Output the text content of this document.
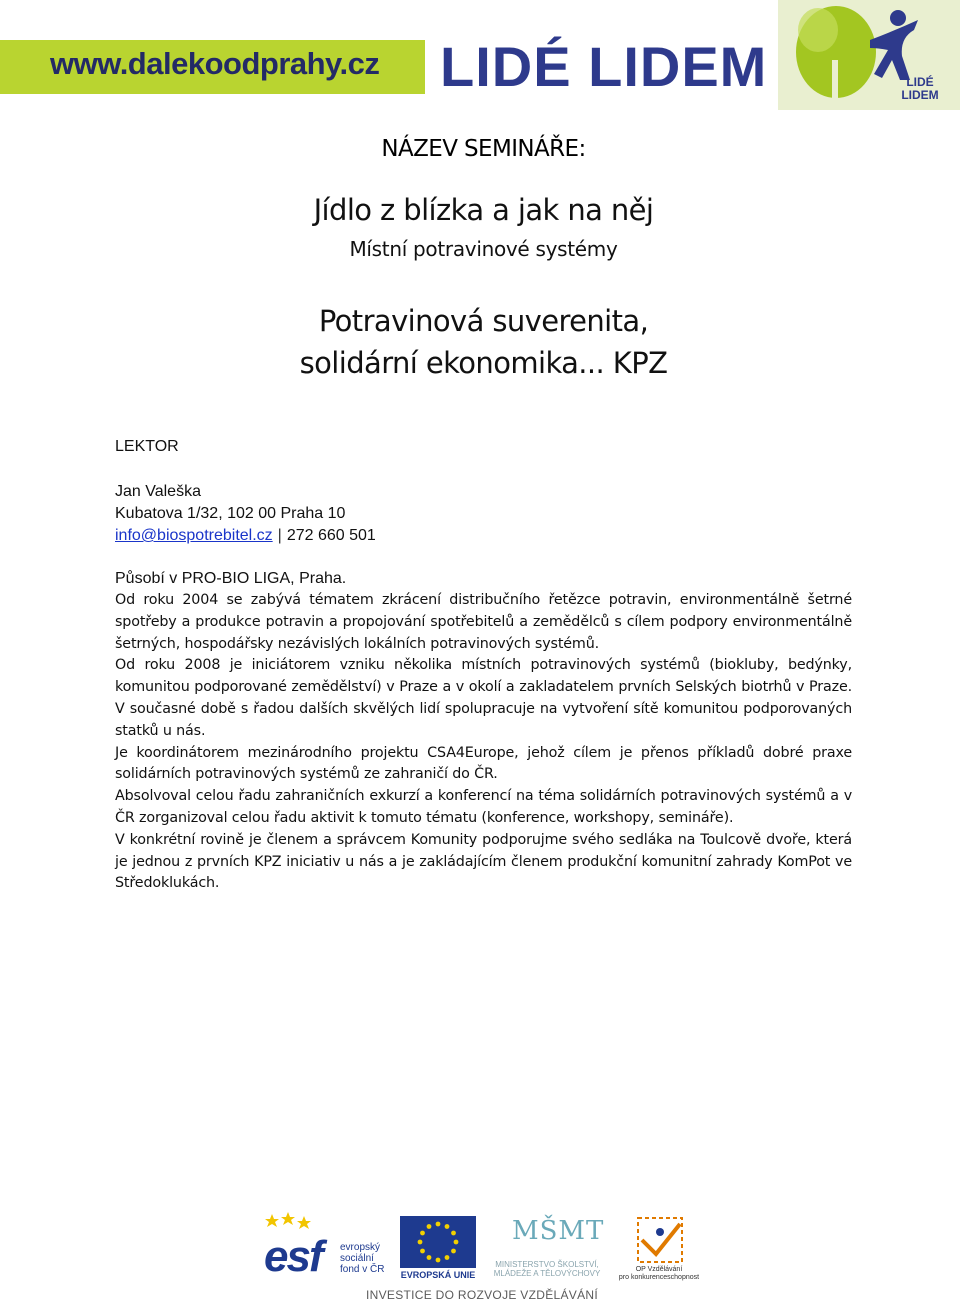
www.dalekoodprahy.cz LIDÉ LIDEM	LIDÉ
LIDEM
NÁZEV SEMINÁŘE:
Jídlo z blízka a jak na něj
Místní potravinové systémy
Potravinová suverenita,
solidární ekonomika... KPZ
LEKTOR
Jan Valeška
Kubatova 1/32, 102 00 Praha 10
info@biospotrebitel.cz | 272 660 501
Působí v PRO-BIO LIGA, Praha.

Od roku 2004 se zabývá tématem zkrácení distribučního řetězce potravin, environmentálně šetrné spotřeby a produkce potravin a propojování spotřebitelů a zemědělců s cílem podpory environmentálně šetrných, hospodářsky nezávislých lokálních potravinových systémů.

Od roku 2008 je iniciátorem vzniku několika místních potravinových systémů (biokluby, bedýnky, komunitou podporované zemědělství) v Praze a v okolí a zakladatelem prvních Selských biotrhů v Praze. V současné době s řadou dalších skvělých lidí spolupracuje na vytvoření sítě komunitou podporovaných statků u nás.

Je koordinátorem mezinárodního projektu CSA4Europe, jehož cílem je přenos příkladů dobré praxe solidárních potravinových systémů ze zahraničí do ČR.

Absolvoval celou řadu zahraničních exkurzí a konferencí na téma solidárních potravinových systémů a v ČR zorganizoval celou řadu aktivit k tomuto tématu (konference, workshopy, semináře).

V konkrétní rovině je členem a správcem Komunity podporujme svého sedláka na Toulcově dvoře, která je jednou z prvních KPZ iniciativ u nás a je zakládajícím členem produkční komunitní zahrady KomPot ve Středoklukách.

esf evropský
sociální
fond v ČR EVROPSKÁ UNIE
MŠMT
MINISTERSTVO ŠKOLSTVÍ,
MLÁDEŽE A TĚLOVÝCHOVY	OP Vzdělávání
pro konkurenceschopnost
INVESTICE DO ROZVOJE VZDĚLÁVÁNÍ
